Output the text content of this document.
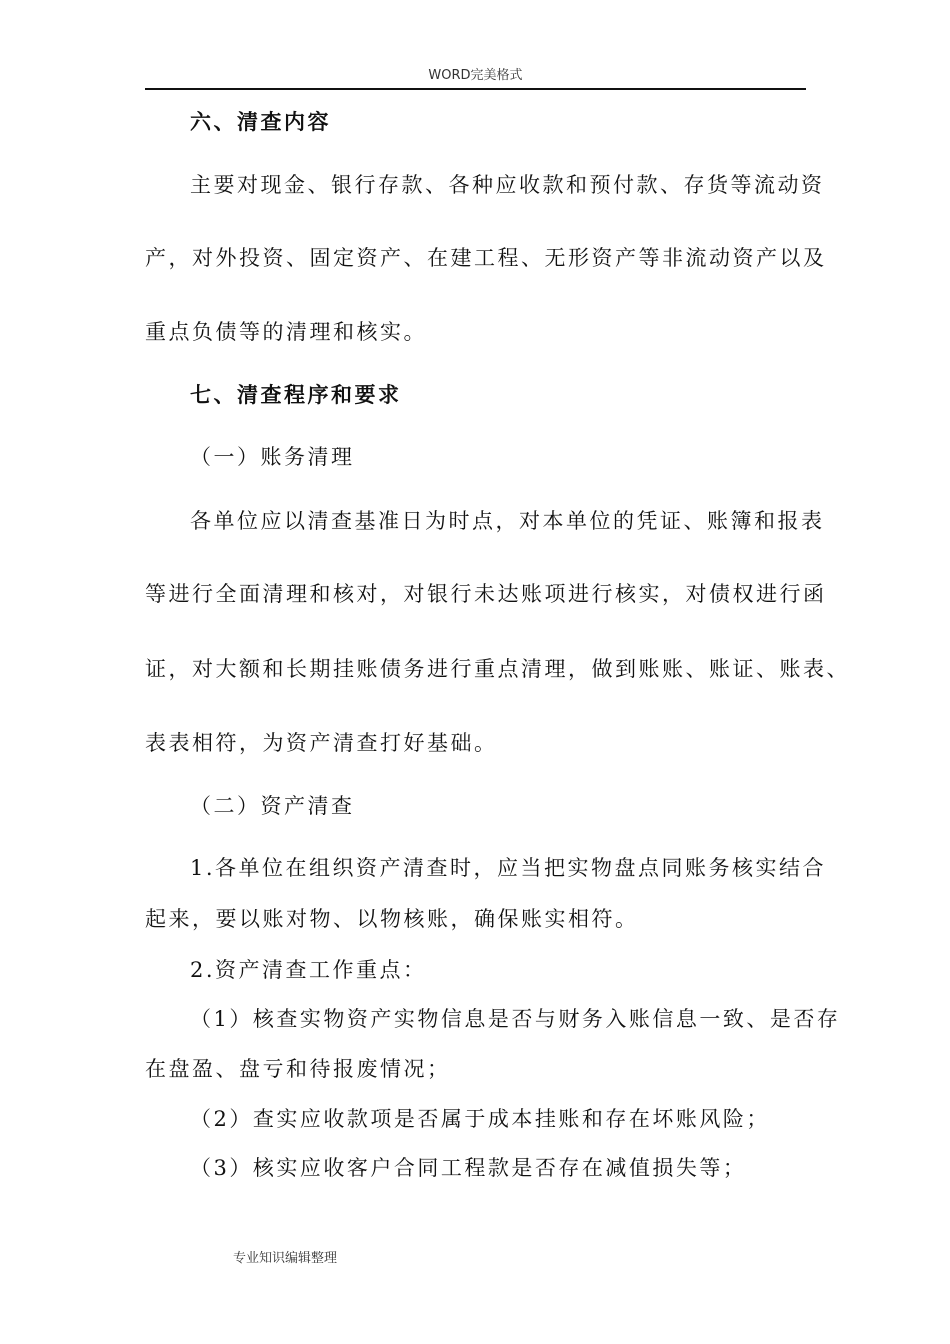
WORD完美格式
六、清查内容
主要对现金、银行存款、各种应收款和预付款、存货等流动资
产，对外投资、固定资产、在建工程、无形资产等非流动资产以及
重点负债等的清理和核实。
七、清查程序和要求
（一）账务清理
各单位应以清查基准日为时点，对本单位的凭证、账簿和报表
等进行全面清理和核对，对银行未达账项进行核实，对债权进行函
证，对大额和长期挂账债务进行重点清理，做到账账、账证、账表、
表表相符，为资产清查打好基础。
（二）资产清查
1.各单位在组织资产清查时，应当把实物盘点同账务核实结合
起来，要以账对物、以物核账，确保账实相符。
2.资产清查工作重点：
（1）核查实物资产实物信息是否与财务入账信息一致、是否存
在盘盈、盘亏和待报废情况；
（2）查实应收款项是否属于成本挂账和存在坏账风险；
（3）核实应收客户合同工程款是否存在减值损失等；
专业知识编辑整理
